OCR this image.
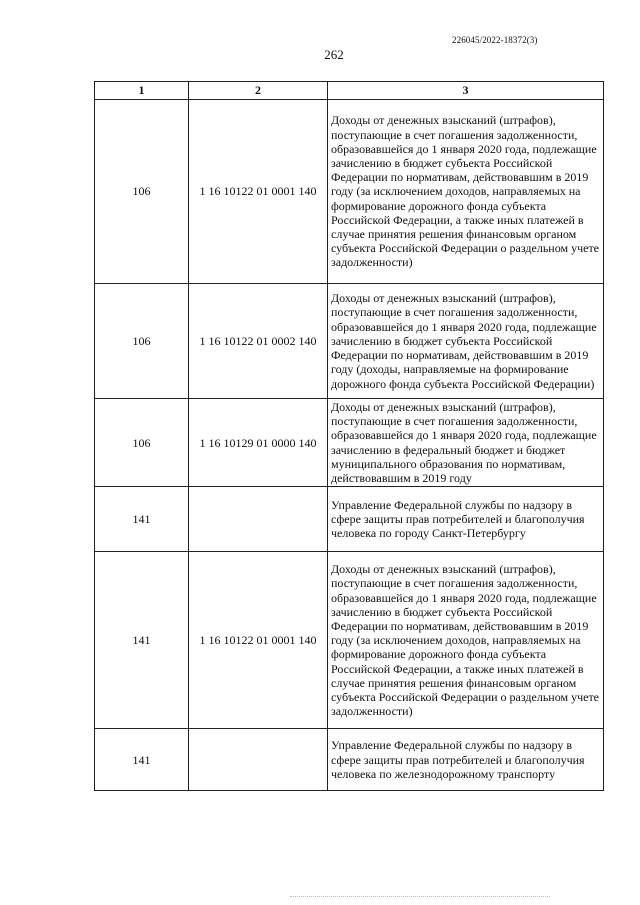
226045/2022-18372(3)
262
1	2	3
106	1 16 10122 01 0001 140	Доходы от денежных взысканий (штрафов), поступающие в счет погашения задолженности, образовавшейся до 1 января 2020 года, подлежащие зачислению в бюджет субъекта Российской Федерации по нормативам, действовавшим в 2019 году (за исключением доходов, направляемых на формирование дорожного фонда субъекта Российской Федерации, а также иных платежей в случае принятия решения финансовым органом субъекта Российской Федерации о раздельном учете задолженности)
106	1 16 10122 01 0002 140	Доходы от денежных взысканий (штрафов), поступающие в счет погашения задолженности, образовавшейся до 1 января 2020 года, подлежащие зачислению в бюджет субъекта Российской Федерации по нормативам, действовавшим в 2019 году (доходы, направляемые на формирование дорожного фонда субъекта Российской Федерации)
106	1 16 10129 01 0000 140	Доходы от денежных взысканий (штрафов), поступающие в счет погашения задолженности, образовавшейся до 1 января 2020 года, подлежащие зачислению в федеральный бюджет и бюджет муниципального образования по нормативам, действовавшим в 2019 году
141		Управление Федеральной службы по надзору в сфере защиты прав потребителей и благополучия человека по городу Санкт-Петербургу
141	1 16 10122 01 0001 140	Доходы от денежных взысканий (штрафов), поступающие в счет погашения задолженности, образовавшейся до 1 января 2020 года, подлежащие зачислению в бюджет субъекта Российской Федерации по нормативам, действовавшим в 2019 году (за исключением доходов, направляемых на формирование дорожного фонда субъекта Российской Федерации, а также иных платежей в случае принятия решения финансовым органом субъекта Российской Федерации о раздельном учете задолженности)
141		Управление Федеральной службы по надзору в сфере защиты прав потребителей и благополучия человека по железнодорожному транспорту
